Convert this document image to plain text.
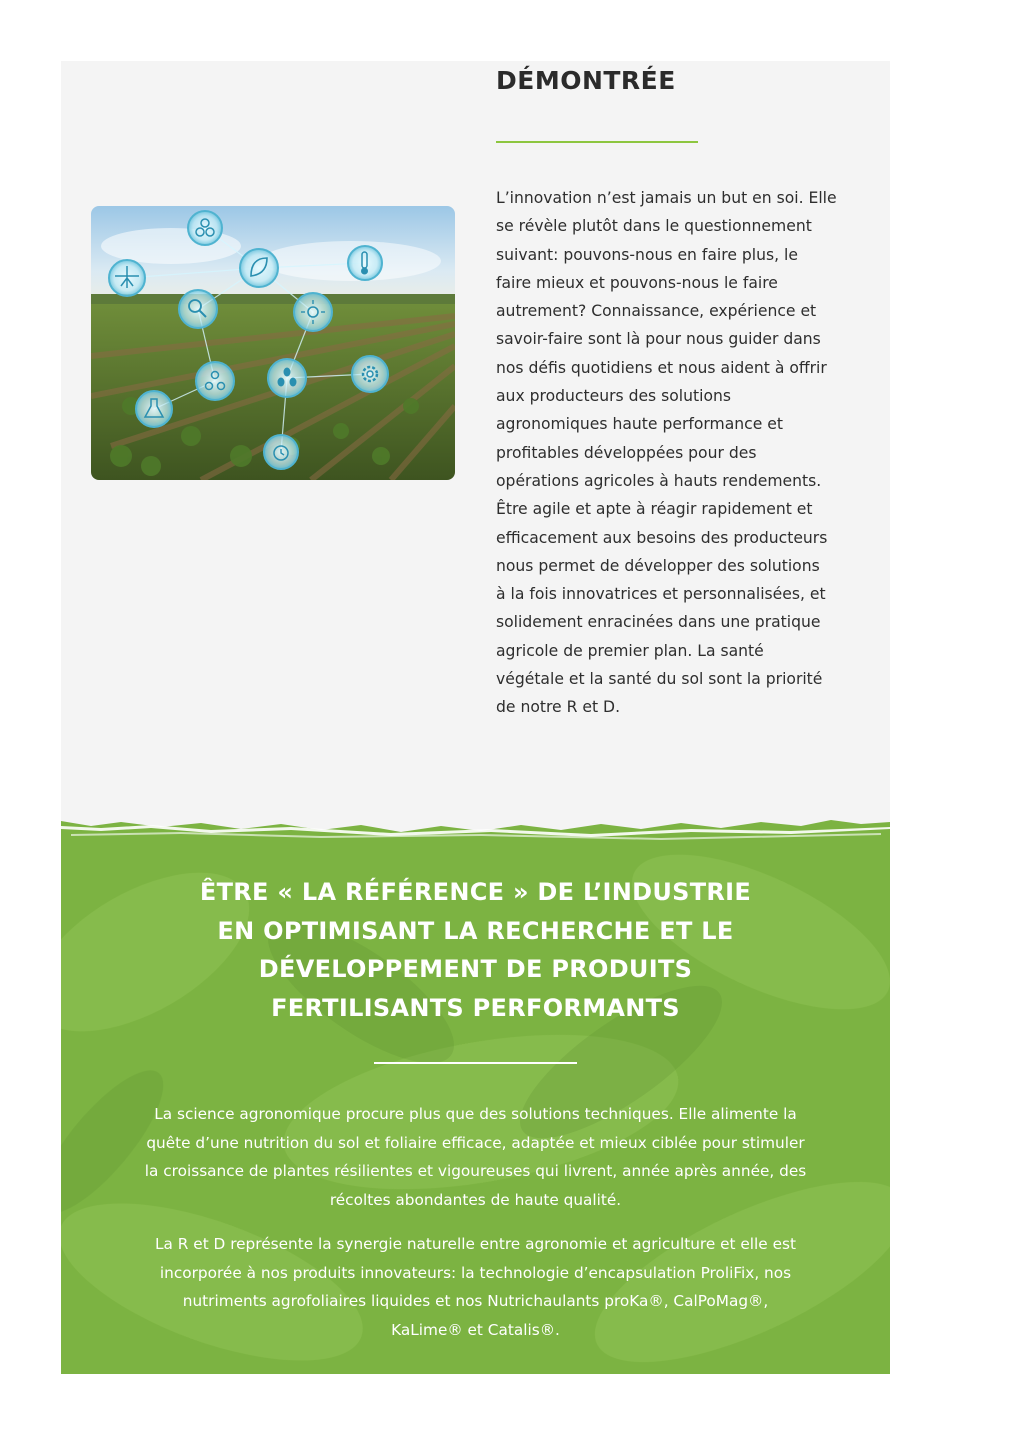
DÉMONTRÉE

L’innovation n’est jamais un but en soi. Elle
se révèle plutôt dans le questionnement
suivant: pouvons-nous en faire plus, le
faire mieux et pouvons-nous le faire
autrement? Connaissance, expérience et
savoir-faire sont là pour nous guider dans
nos défis quotidiens et nous aident à offrir
aux producteurs des solutions
agronomiques haute performance et
profitables développées pour des
opérations agricoles à hauts rendements.
Être agile et apte à réagir rapidement et
efficacement aux besoins des producteurs
nous permet de développer des solutions
à la fois innovatrices et personnalisées, et
solidement enracinées dans une pratique
agricole de premier plan. La santé
végétale et la santé du sol sont la priorité
de notre R et D.

ÊTRE « LA RÉFÉRENCE » DE L’INDUSTRIE
EN OPTIMISANT LA RECHERCHE ET LE
DÉVELOPPEMENT DE PRODUITS
FERTILISANTS PERFORMANTS

La science agronomique procure plus que des solutions techniques. Elle alimente la
quête d’une nutrition du sol et foliaire efficace, adaptée et mieux ciblée pour stimuler
la croissance de plantes résilientes et vigoureuses qui livrent, année après année, des
récoltes abondantes de haute qualité.

La R et D représente la synergie naturelle entre agronomie et agriculture et elle est
incorporée à nos produits innovateurs: la technologie d’encapsulation ProliFix, nos
nutriments agrofoliaires liquides et nos Nutrichaulants proKa®, CalPoMag®,
KaLime® et Catalis®.
